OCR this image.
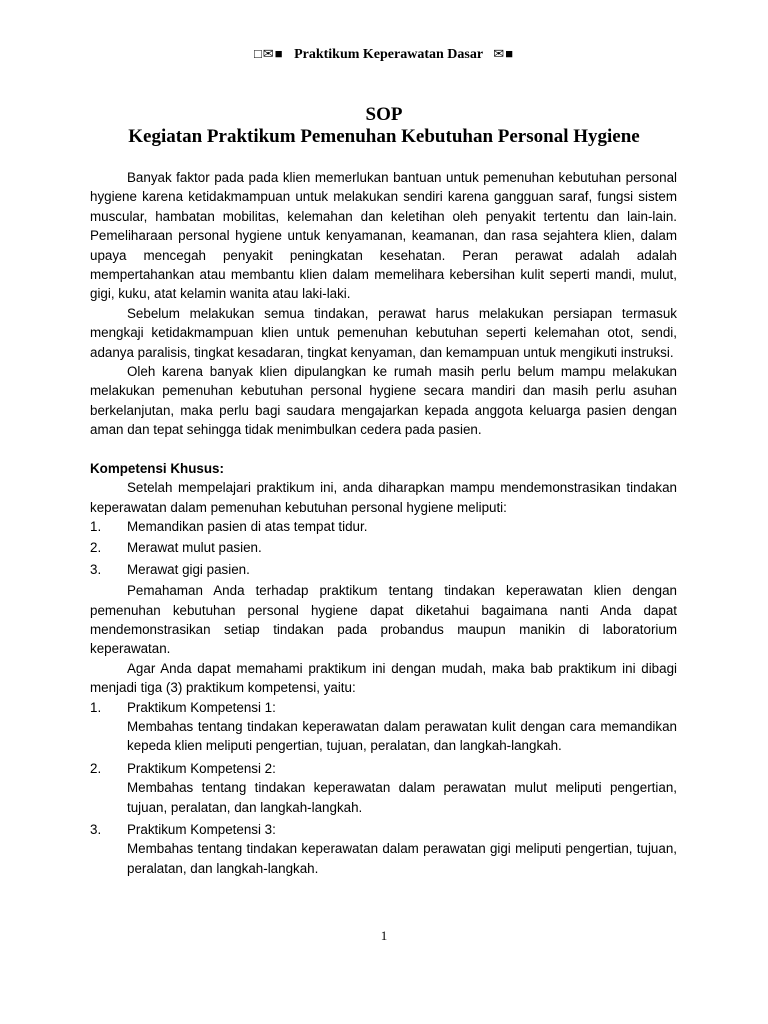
□✉■ Praktikum Keperawatan Dasar ✉■
SOP
Kegiatan Praktikum Pemenuhan Kebutuhan Personal Hygiene

Banyak faktor pada pada klien memerlukan bantuan untuk pemenuhan kebutuhan personal hygiene karena ketidakmampuan untuk melakukan sendiri karena gangguan saraf, fungsi sistem muscular, hambatan mobilitas, kelemahan dan keletihan oleh penyakit tertentu dan lain-lain. Pemeliharaan personal hygiene untuk kenyamanan, keamanan, dan rasa sejahtera klien, dalam upaya mencegah penyakit peningkatan kesehatan. Peran perawat adalah adalah mempertahankan atau membantu klien dalam memelihara kebersihan kulit seperti mandi, mulut, gigi, kuku, atat kelamin wanita atau laki-laki.

Sebelum melakukan semua tindakan, perawat harus melakukan persiapan termasuk mengkaji ketidakmampuan klien untuk pemenuhan kebutuhan seperti kelemahan otot, sendi, adanya paralisis, tingkat kesadaran, tingkat kenyaman, dan kemampuan untuk mengikuti instruksi.

Oleh karena banyak klien dipulangkan ke rumah masih perlu belum mampu melakukan melakukan pemenuhan kebutuhan personal hygiene secara mandiri dan masih perlu asuhan berkelanjutan, maka perlu bagi saudara mengajarkan kepada anggota keluarga pasien dengan aman dan tepat sehingga tidak menimbulkan cedera pada pasien.

Kompetensi Khusus:

Setelah mempelajari praktikum ini, anda diharapkan mampu mendemonstrasikan tindakan keperawatan dalam pemenuhan kebutuhan personal hygiene meliputi:

1.	Memandikan pasien di atas tempat tidur.
2.	Merawat mulut pasien.
3.	Merawat gigi pasien.

Pemahaman Anda terhadap praktikum tentang tindakan keperawatan klien dengan pemenuhan kebutuhan personal hygiene dapat diketahui bagaimana nanti Anda dapat mendemonstrasikan setiap tindakan pada probandus maupun manikin di laboratorium keperawatan.

Agar Anda dapat memahami praktikum ini dengan mudah, maka bab praktikum ini dibagi menjadi tiga (3) praktikum kompetensi, yaitu:

1.	Praktikum Kompetensi 1:
Membahas tentang tindakan keperawatan dalam perawatan kulit dengan cara memandikan kepeda klien meliputi pengertian, tujuan, peralatan, dan langkah-langkah.
2.	Praktikum Kompetensi 2:
Membahas tentang tindakan keperawatan dalam perawatan mulut meliputi pengertian, tujuan, peralatan, dan langkah-langkah.
3.	Praktikum Kompetensi 3:
Membahas tentang tindakan keperawatan dalam perawatan gigi meliputi pengertian, tujuan, peralatan, dan langkah-langkah.
1
